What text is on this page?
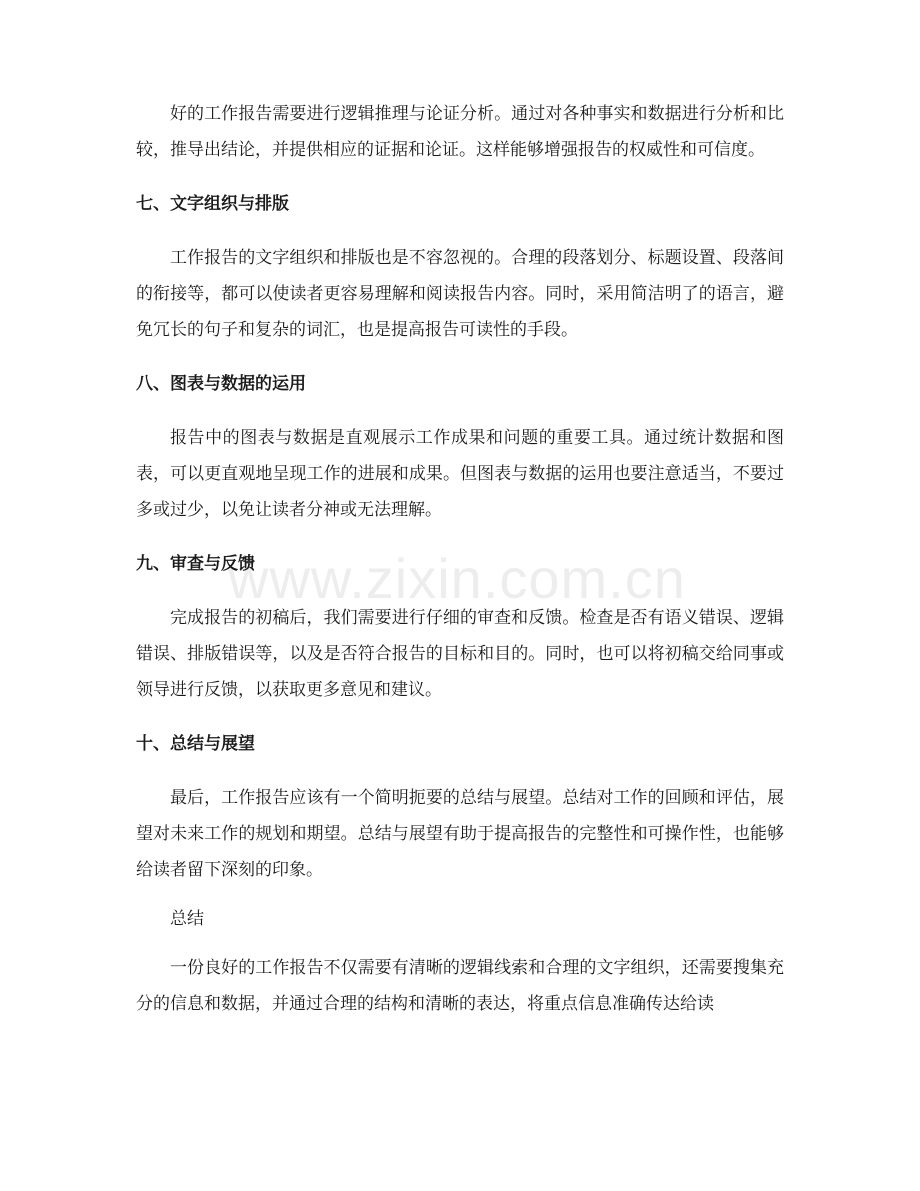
好的工作报告需要进行逻辑推理与论证分析。通过对各种事实和数据进行分析和比较，推导出结论，并提供相应的证据和论证。这样能够增强报告的权威性和可信度。

七、文字组织与排版

工作报告的文字组织和排版也是不容忽视的。合理的段落划分、标题设置、段落间的衔接等，都可以使读者更容易理解和阅读报告内容。同时，采用简洁明了的语言，避免冗长的句子和复杂的词汇，也是提高报告可读性的手段。

八、图表与数据的运用

报告中的图表与数据是直观展示工作成果和问题的重要工具。通过统计数据和图表，可以更直观地呈现工作的进展和成果。但图表与数据的运用也要注意适当，不要过多或过少，以免让读者分神或无法理解。

九、审查与反馈

完成报告的初稿后，我们需要进行仔细的审查和反馈。检查是否有语义错误、逻辑错误、排版错误等，以及是否符合报告的目标和目的。同时，也可以将初稿交给同事或领导进行反馈，以获取更多意见和建议。

十、总结与展望

最后，工作报告应该有一个简明扼要的总结与展望。总结对工作的回顾和评估，展望对未来工作的规划和期望。总结与展望有助于提高报告的完整性和可操作性，也能够给读者留下深刻的印象。

总结

一份良好的工作报告不仅需要有清晰的逻辑线索和合理的文字组织，还需要搜集充分的信息和数据，并通过合理的结构和清晰的表达，将重点信息准确传达给读

www.zixin.com.cn
